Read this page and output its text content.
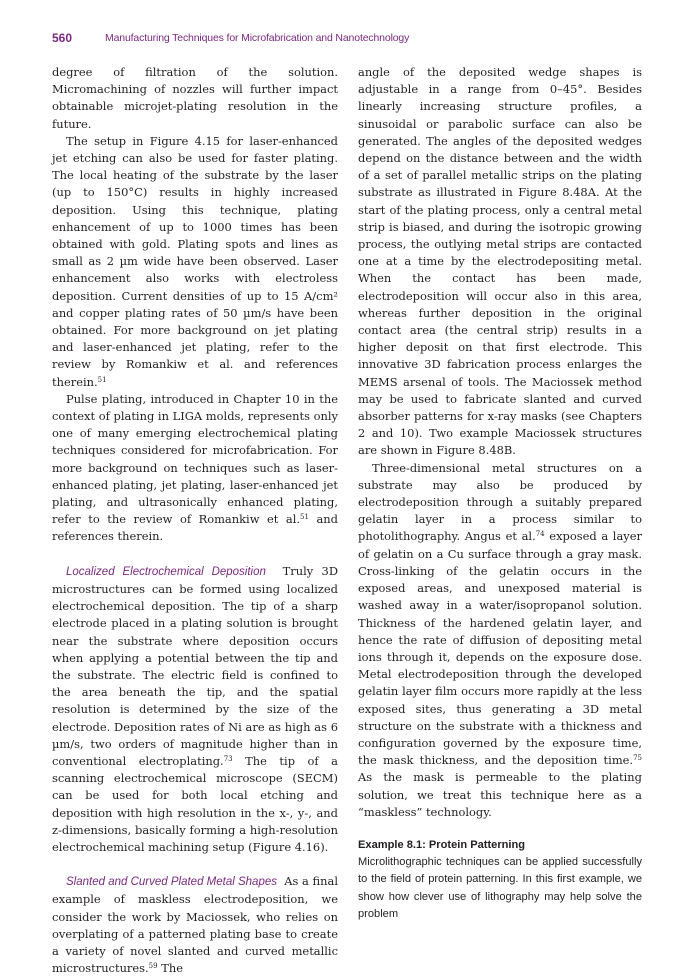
560	Manufacturing Techniques for Microfabrication and Nanotechnology

degree of filtration of the solution. Micromachining of nozzles will further impact obtainable microjet-plating resolution in the future.

The setup in Figure 4.15 for laser-enhanced jet etching can also be used for faster plating. The local heating of the substrate by the laser (up to 150°C) results in highly increased deposition. Using this technique, plating enhancement of up to 1000 times has been obtained with gold. Plating spots and lines as small as 2 µm wide have been observed. Laser enhancement also works with electroless deposition. Current densities of up to 15 A/cm² and copper plating rates of 50 µm/s have been obtained. For more background on jet plating and laser-enhanced jet plating, refer to the review by Romankiw et al. and references therein.$^{51}$

Pulse plating, introduced in Chapter 10 in the context of plating in LIGA molds, represents only one of many emerging electrochemical plating techniques considered for microfabrication. For more background on techniques such as laser-enhanced plating, jet plating, laser-enhanced jet plating, and ultrasonically enhanced plating, refer to the review of Romankiw et al.$^{51}$ and references therein.

Localized Electrochemical Deposition Truly 3D microstructures can be formed using localized electrochemical deposition. The tip of a sharp electrode placed in a plating solution is brought near the substrate where deposition occurs when applying a potential between the tip and the substrate. The electric field is confined to the area beneath the tip, and the spatial resolution is determined by the size of the electrode. Deposition rates of Ni are as high as 6 µm/s, two orders of magnitude higher than in conventional electroplating.$^{73}$ The tip of a scanning electrochemical microscope (SECM) can be used for both local etching and deposition with high resolution in the x-, y-, and z-dimensions, basically forming a high-resolution electrochemical machining setup (Figure 4.16).

Slanted and Curved Plated Metal Shapes As a final example of maskless electrodeposition, we consider the work by Maciossek, who relies on overplating of a patterned plating base to create a variety of novel slanted and curved metallic microstructures.$^{59}$ The

angle of the deposited wedge shapes is adjustable in a range from 0–45°. Besides linearly increasing structure profiles, a sinusoidal or parabolic surface can also be generated. The angles of the deposited wedges depend on the distance between and the width of a set of parallel metallic strips on the plating substrate as illustrated in Figure 8.48A. At the start of the plating process, only a central metal strip is biased, and during the isotropic growing process, the outlying metal strips are contacted one at a time by the electrodepositing metal. When the contact has been made, electrodeposition will occur also in this area, whereas further deposition in the original contact area (the central strip) results in a higher deposit on that first electrode. This innovative 3D fabrication process enlarges the MEMS arsenal of tools. The Maciossek method may be used to fabricate slanted and curved absorber patterns for x-ray masks (see Chapters 2 and 10). Two example Maciossek structures are shown in Figure 8.48B.

Three-dimensional metal structures on a substrate may also be produced by electrodeposition through a suitably prepared gelatin layer in a process similar to photolithography. Angus et al.$^{74}$ exposed a layer of gelatin on a Cu surface through a gray mask. Cross-linking of the gelatin occurs in the exposed areas, and unexposed material is washed away in a water/isopropanol solution. Thickness of the hardened gelatin layer, and hence the rate of diffusion of depositing metal ions through it, depends on the exposure dose. Metal electrodeposition through the developed gelatin layer film occurs more rapidly at the less exposed sites, thus generating a 3D metal structure on the substrate with a thickness and configuration governed by the exposure time, the mask thickness, and the deposition time.$^{75}$ As the mask is permeable to the plating solution, we treat this technique here as a “maskless” technology.

Example 8.1: Protein Patterning

Microlithographic techniques can be applied successfully to the field of protein patterning. In this first example, we show how clever use of lithography may help solve the problem
